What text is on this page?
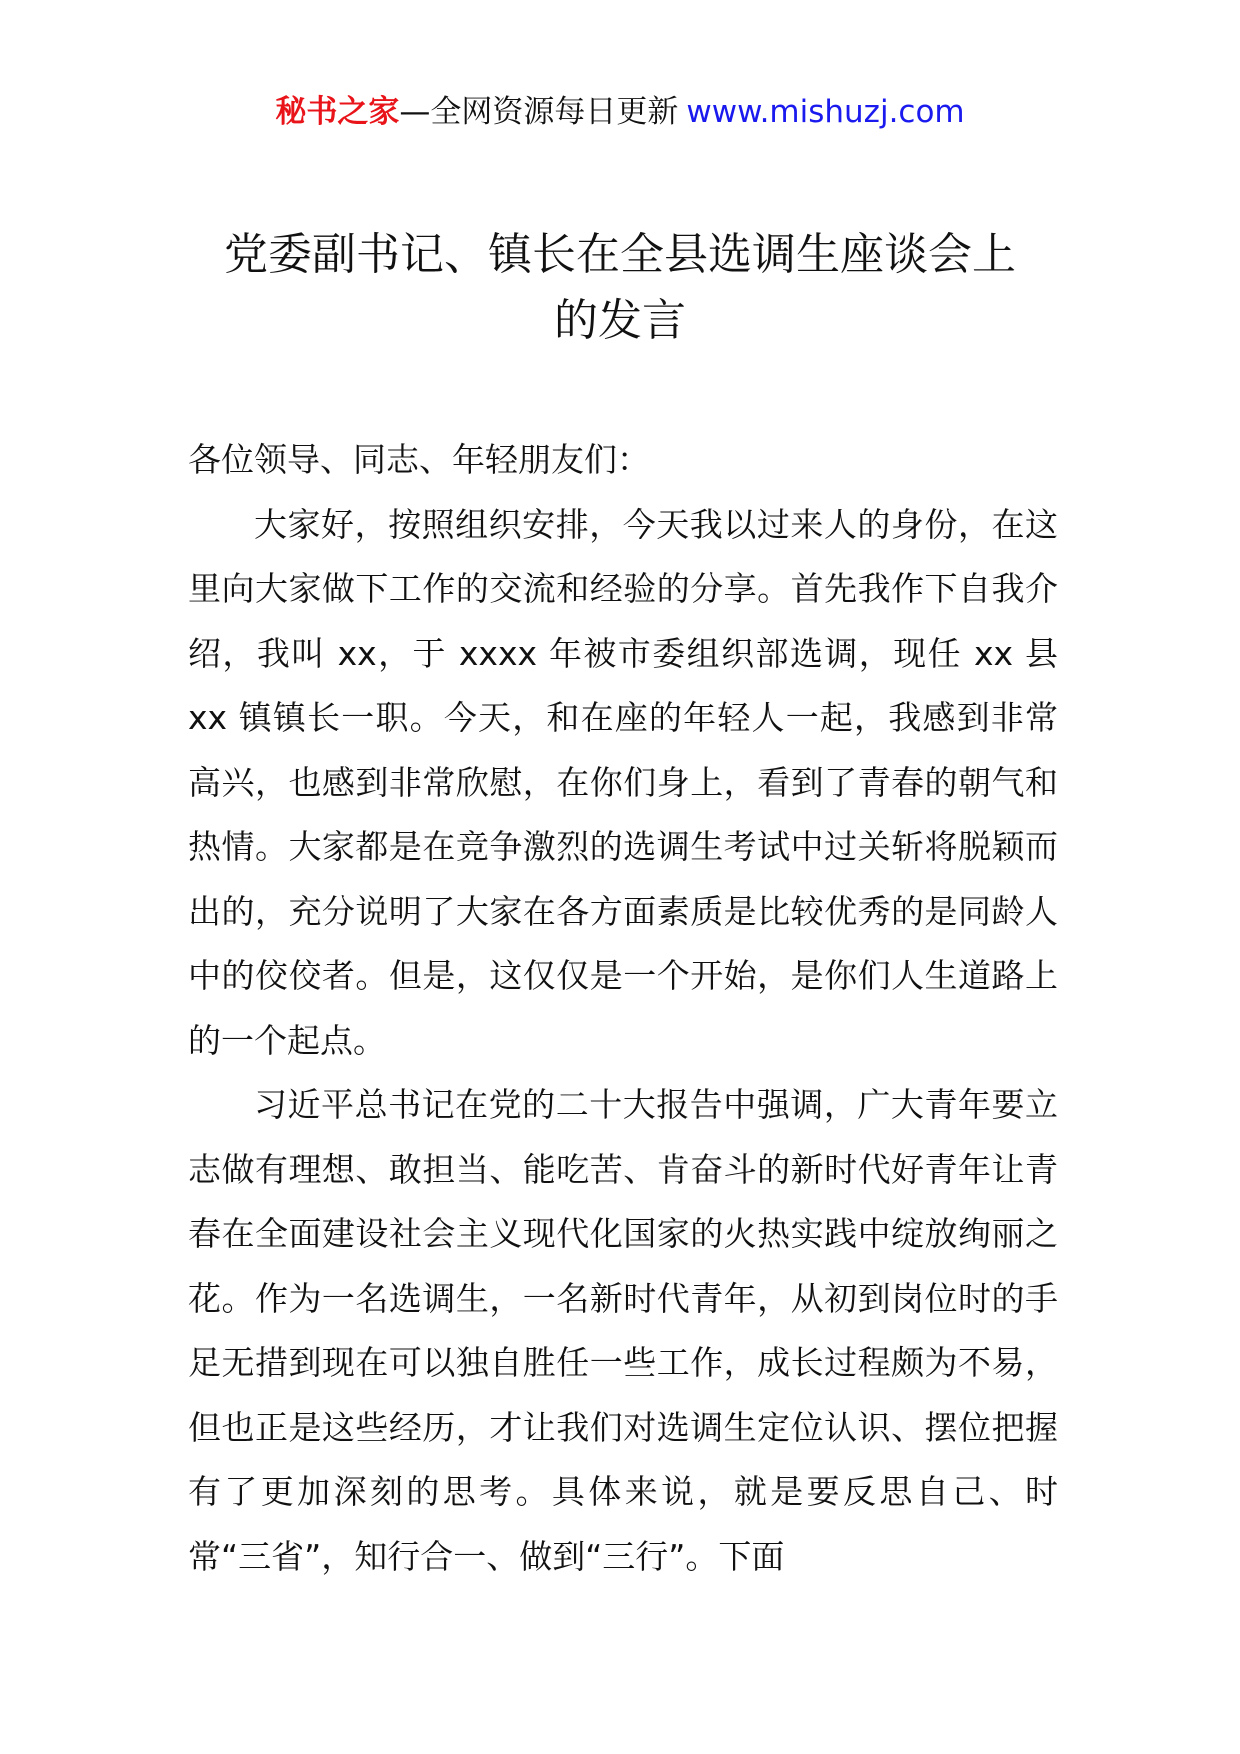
秘书之家—全网资源每日更新 www.mishuzj.com
党委副书记、镇长在全县选调生座谈会上
的发言

各位领导、同志、年轻朋友们：

大家好，按照组织安排，今天我以过来人的身份，在这里向大家做下工作的交流和经验的分享。首先我作下自我介绍，我叫 xx，于 xxxx 年被市委组织部选调，现任 xx 县 xx 镇镇长一职。今天，和在座的年轻人一起，我感到非常高兴，也感到非常欣慰，在你们身上，看到了青春的朝气和热情。大家都是在竞争激烈的选调生考试中过关斩将脱颖而出的，充分说明了大家在各方面素质是比较优秀的是同龄人中的佼佼者。但是，这仅仅是一个开始，是你们人生道路上的一个起点。

习近平总书记在党的二十大报告中强调，广大青年要立志做有理想、敢担当、能吃苦、肯奋斗的新时代好青年让青春在全面建设社会主义现代化国家的火热实践中绽放绚丽之花。作为一名选调生，一名新时代青年，从初到岗位时的手足无措到现在可以独自胜任一些工作，成长过程颇为不易，但也正是这些经历，才让我们对选调生定位认识、摆位把握有了更加深刻的思考。具体来说，就是要反思自己、时常“三省”，知行合一、做到“三行”。下面
